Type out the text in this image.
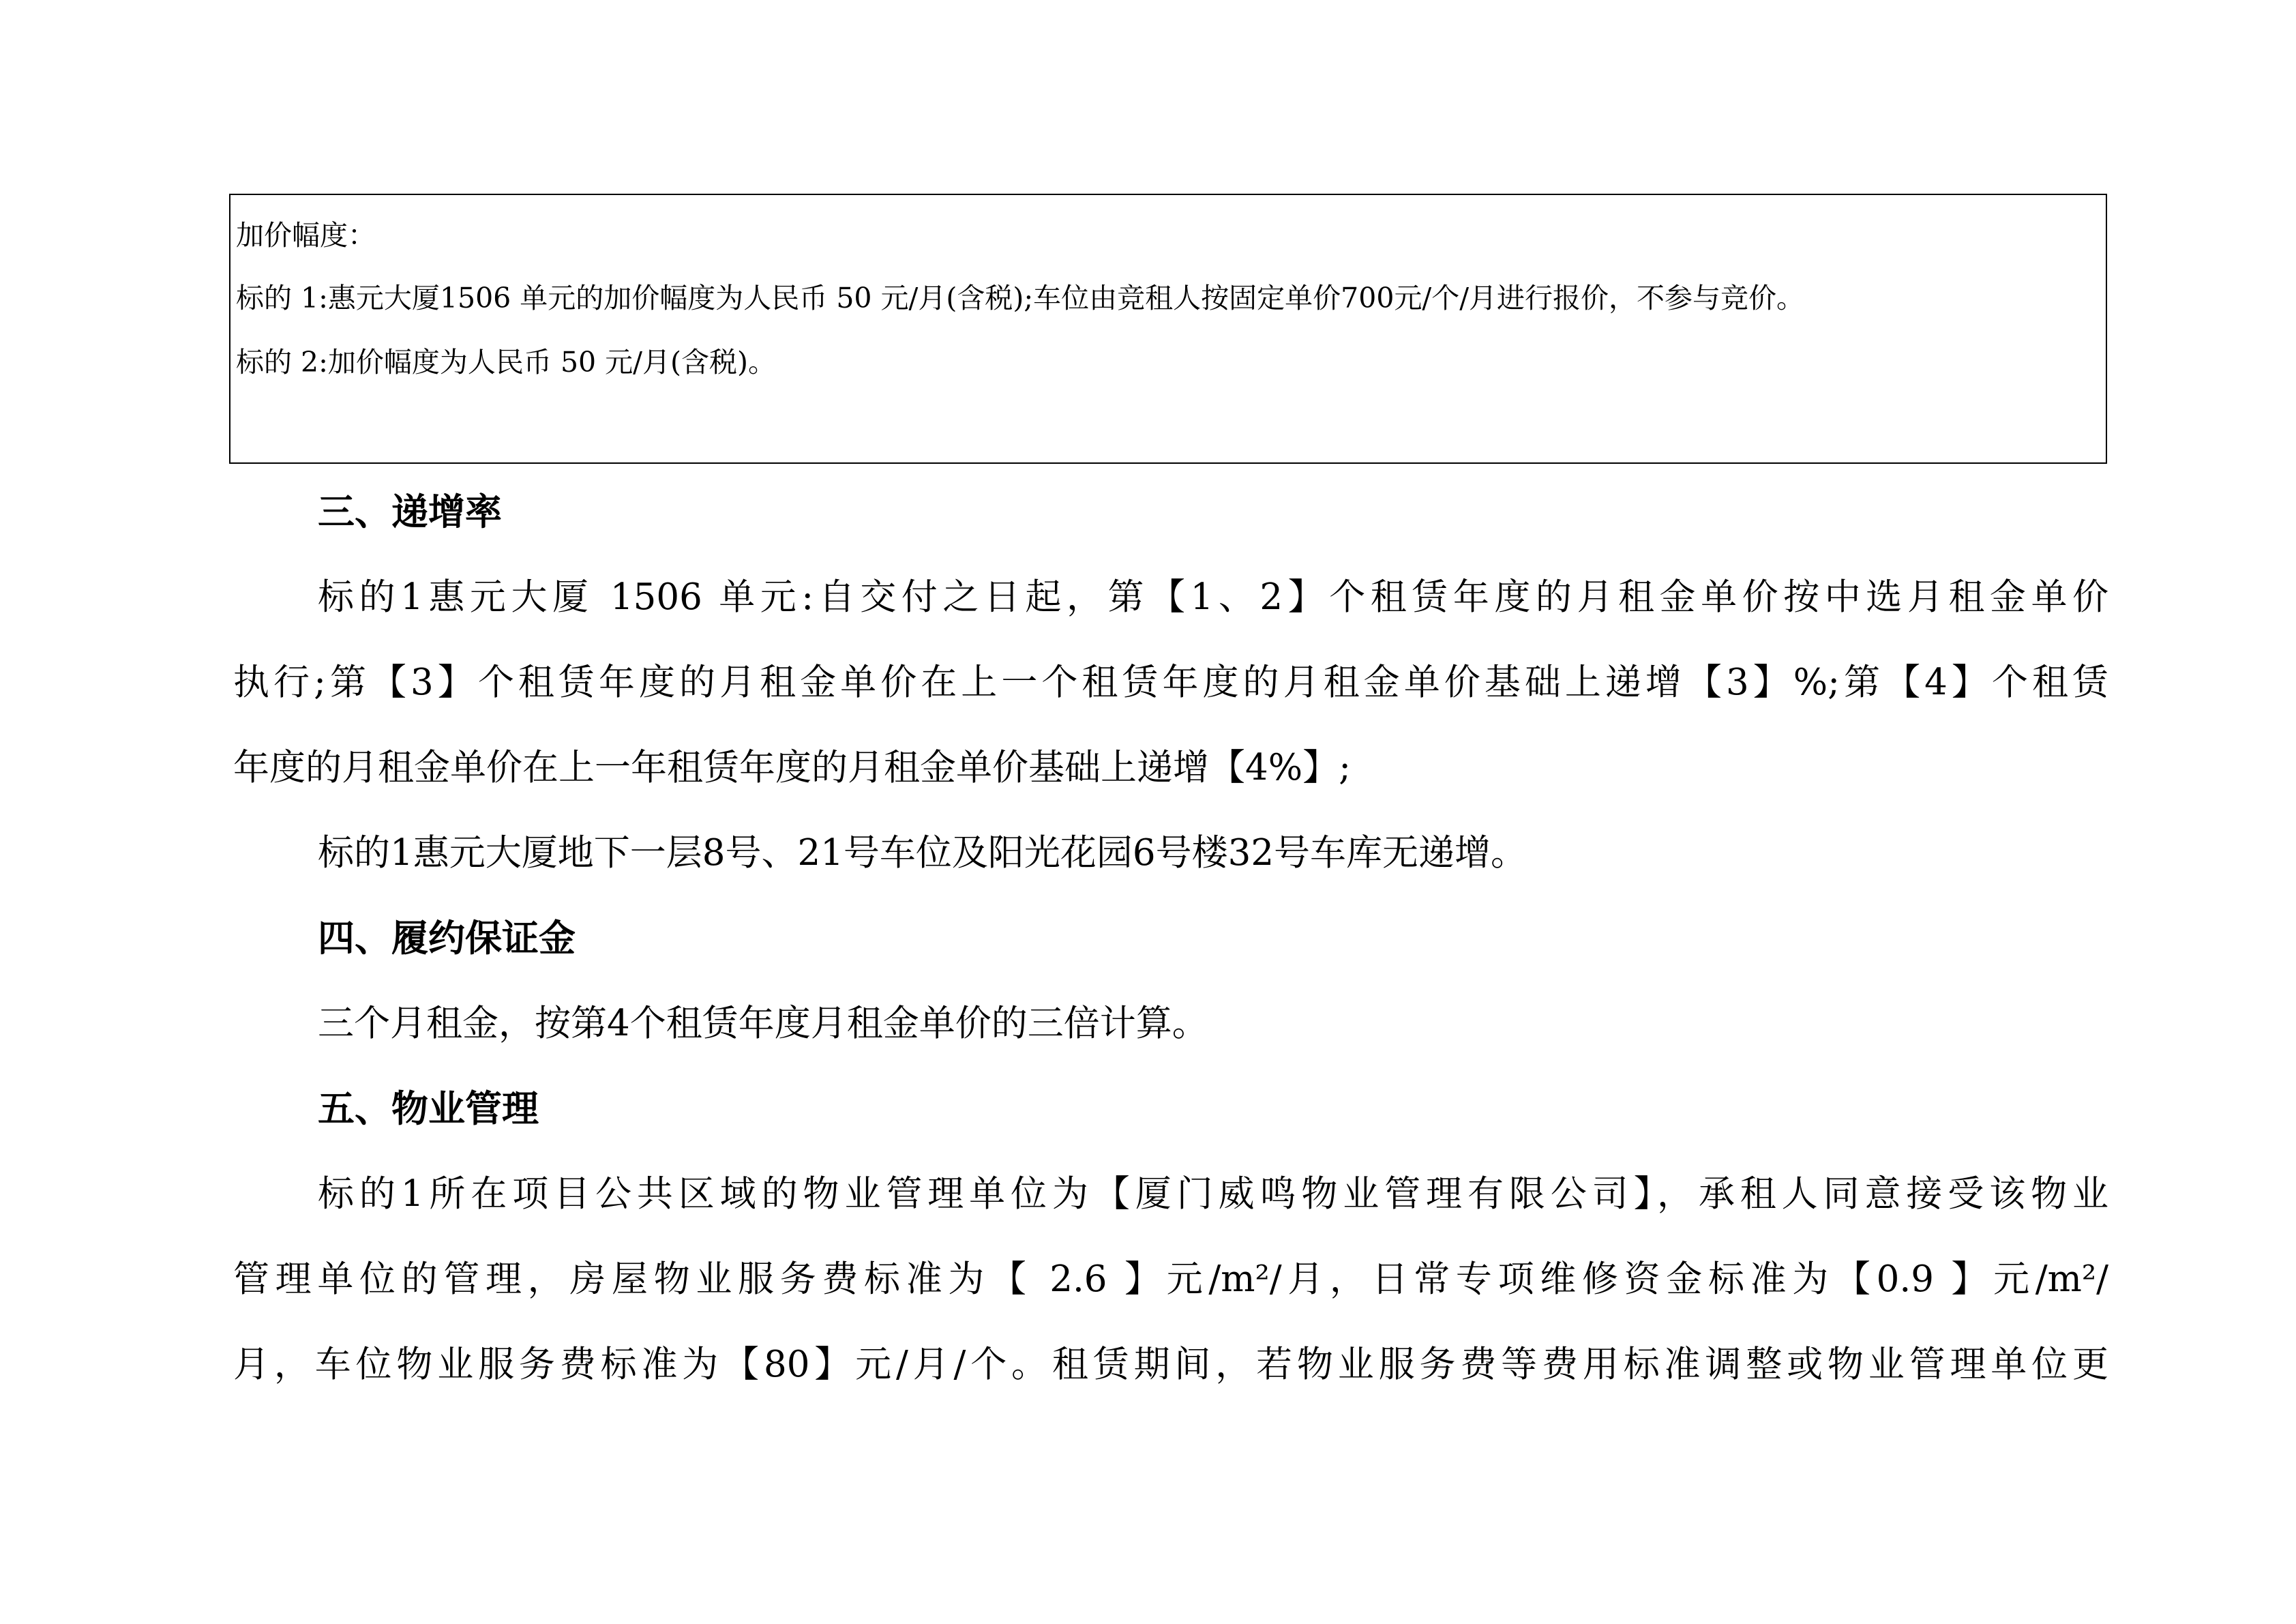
加价幅度：
标的 1:惠元大厦1506 单元的加价幅度为人民币 50 元/月(含税);车位由竞租人按固定单价700元/个/月进行报价，不参与竞价。
标的 2:加价幅度为人民币 50 元/月(含税)。
三、递增率
标的1惠元大厦 1506 单元:自交付之日起，第【1、2】个租赁年度的月租金单价按中选月租金单价
执行;第【3】个租赁年度的月租金单价在上一个租赁年度的月租金单价基础上递增【3】%;第【4】个租赁
年度的月租金单价在上一年租赁年度的月租金单价基础上递增【4%】;
标的1惠元大厦地下一层8号、21号车位及阳光花园6号楼32号车库无递增。
四、履约保证金
三个月租金，按第4个租赁年度月租金单价的三倍计算。
五、物业管理
标的1所在项目公共区域的物业管理单位为【厦门威鸣物业管理有限公司】，承租人同意接受该物业
管理单位的管理，房屋物业服务费标准为【 2.6 】元/m²/月，日常专项维修资金标准为【0.9 】元/m²/
月，车位物业服务费标准为【80】元/月/个。租赁期间，若物业服务费等费用标准调整或物业管理单位更
